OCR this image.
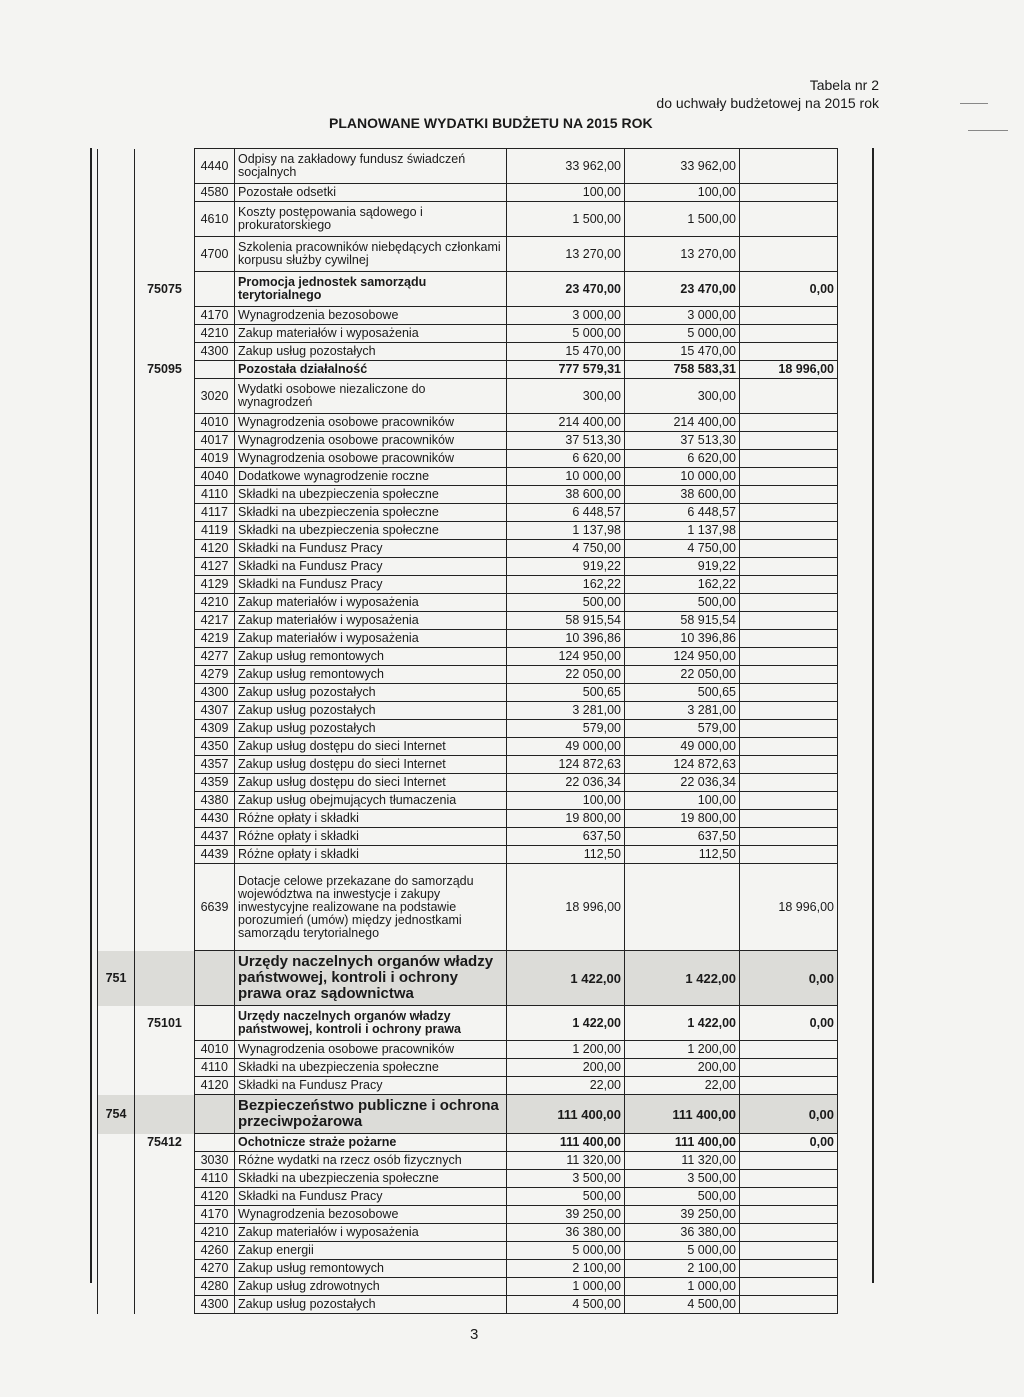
Tabela nr 2
do uchwały budżetowej na 2015 rok
PLANOWANE WYDATKI BUDŻETU NA 2015 ROK
		4440	Odpisy na zakładowy fundusz świadczeń socjalnych	33 962,00	33 962,00	
		4580	Pozostałe odsetki	100,00	100,00	
		4610	Koszty postępowania sądowego i prokuratorskiego	1 500,00	1 500,00	
		4700	Szkolenia pracowników niebędących członkami korpusu służby cywilnej	13 270,00	13 270,00	
	75075		Promocja jednostek samorządu terytorialnego	23 470,00	23 470,00	0,00
		4170	Wynagrodzenia bezosobowe	3 000,00	3 000,00	
		4210	Zakup materiałów i wyposażenia	5 000,00	5 000,00	
		4300	Zakup usług pozostałych	15 470,00	15 470,00	
	75095		Pozostała działalność	777 579,31	758 583,31	18 996,00
		3020	Wydatki osobowe niezaliczone do wynagrodzeń	300,00	300,00	
		4010	Wynagrodzenia osobowe pracowników	214 400,00	214 400,00	
		4017	Wynagrodzenia osobowe pracowników	37 513,30	37 513,30	
		4019	Wynagrodzenia osobowe pracowników	6 620,00	6 620,00	
		4040	Dodatkowe wynagrodzenie roczne	10 000,00	10 000,00	
		4110	Składki na ubezpieczenia społeczne	38 600,00	38 600,00	
		4117	Składki na ubezpieczenia społeczne	6 448,57	6 448,57	
		4119	Składki na ubezpieczenia społeczne	1 137,98	1 137,98	
		4120	Składki na Fundusz Pracy	4 750,00	4 750,00	
		4127	Składki na Fundusz Pracy	919,22	919,22	
		4129	Składki na Fundusz Pracy	162,22	162,22	
		4210	Zakup materiałów i wyposażenia	500,00	500,00	
		4217	Zakup materiałów i wyposażenia	58 915,54	58 915,54	
		4219	Zakup materiałów i wyposażenia	10 396,86	10 396,86	
		4277	Zakup usług remontowych	124 950,00	124 950,00	
		4279	Zakup usług remontowych	22 050,00	22 050,00	
		4300	Zakup usług pozostałych	500,65	500,65	
		4307	Zakup usług pozostałych	3 281,00	3 281,00	
		4309	Zakup usług pozostałych	579,00	579,00	
		4350	Zakup usług dostępu do sieci Internet	49 000,00	49 000,00	
		4357	Zakup usług dostępu do sieci Internet	124 872,63	124 872,63	
		4359	Zakup usług dostępu do sieci Internet	22 036,34	22 036,34	
		4380	Zakup usług obejmujących tłumaczenia	100,00	100,00	
		4430	Różne opłaty i składki	19 800,00	19 800,00	
		4437	Różne opłaty i składki	637,50	637,50	
		4439	Różne opłaty i składki	112,50	112,50	
		6639	Dotacje celowe przekazane do samorządu województwa na inwestycje i zakupy inwestycyjne realizowane na podstawie porozumień (umów) między jednostkami samorządu terytorialnego	18 996,00		18 996,00
751			Urzędy naczelnych organów władzy państwowej, kontroli i ochrony prawa oraz sądownictwa	1 422,00	1 422,00	0,00
	75101		Urzędy naczelnych organów władzy państwowej, kontroli i ochrony prawa	1 422,00	1 422,00	0,00
		4010	Wynagrodzenia osobowe pracowników	1 200,00	1 200,00	
		4110	Składki na ubezpieczenia społeczne	200,00	200,00	
		4120	Składki na Fundusz Pracy	22,00	22,00	
754			Bezpieczeństwo publiczne i ochrona przeciwpożarowa	111 400,00	111 400,00	0,00
	75412		Ochotnicze straże pożarne	111 400,00	111 400,00	0,00
		3030	Różne wydatki na rzecz osób fizycznych	11 320,00	11 320,00	
		4110	Składki na ubezpieczenia społeczne	3 500,00	3 500,00	
		4120	Składki na Fundusz Pracy	500,00	500,00	
		4170	Wynagrodzenia bezosobowe	39 250,00	39 250,00	
		4210	Zakup materiałów i wyposażenia	36 380,00	36 380,00	
		4260	Zakup energii	5 000,00	5 000,00	
		4270	Zakup usług remontowych	2 100,00	2 100,00	
		4280	Zakup usług zdrowotnych	1 000,00	1 000,00	
		4300	Zakup usług pozostałych	4 500,00	4 500,00	
3
